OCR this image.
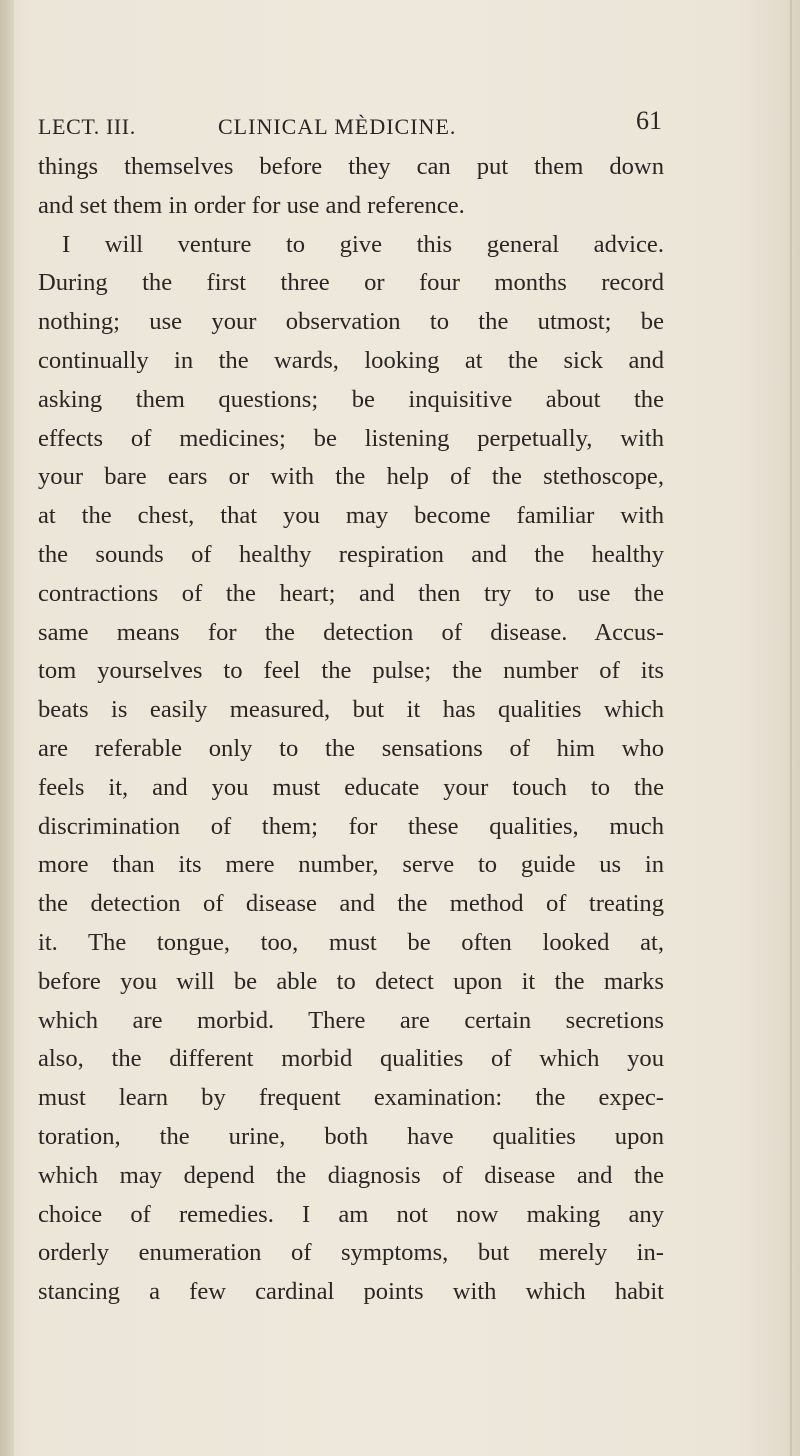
LECT. III.	CLINICAL MÈDICINE.	61
things themselves before they can put them down
and set them in order for use and reference.
I will venture to give this general advice.
During the first three or four months record
nothing; use your observation to the utmost; be
continually in the wards, looking at the sick and
asking them questions; be inquisitive about the
effects of medicines; be listening perpetually, with
your bare ears or with the help of the stethoscope,
at the chest, that you may become familiar with
the sounds of healthy respiration and the healthy
contractions of the heart; and then try to use the
same means for the detection of disease. Accus-
tom yourselves to feel the pulse; the number of its
beats is easily measured, but it has qualities which
are referable only to the sensations of him who
feels it, and you must educate your touch to the
discrimination of them; for these qualities, much
more than its mere number, serve to guide us in
the detection of disease and the method of treating
it. The tongue, too, must be often looked at,
before you will be able to detect upon it the marks
which are morbid. There are certain secretions
also, the different morbid qualities of which you
must learn by frequent examination: the expec-
toration, the urine, both have qualities upon
which may depend the diagnosis of disease and the
choice of remedies. I am not now making any
orderly enumeration of symptoms, but merely in-
stancing a few cardinal points with which habit
